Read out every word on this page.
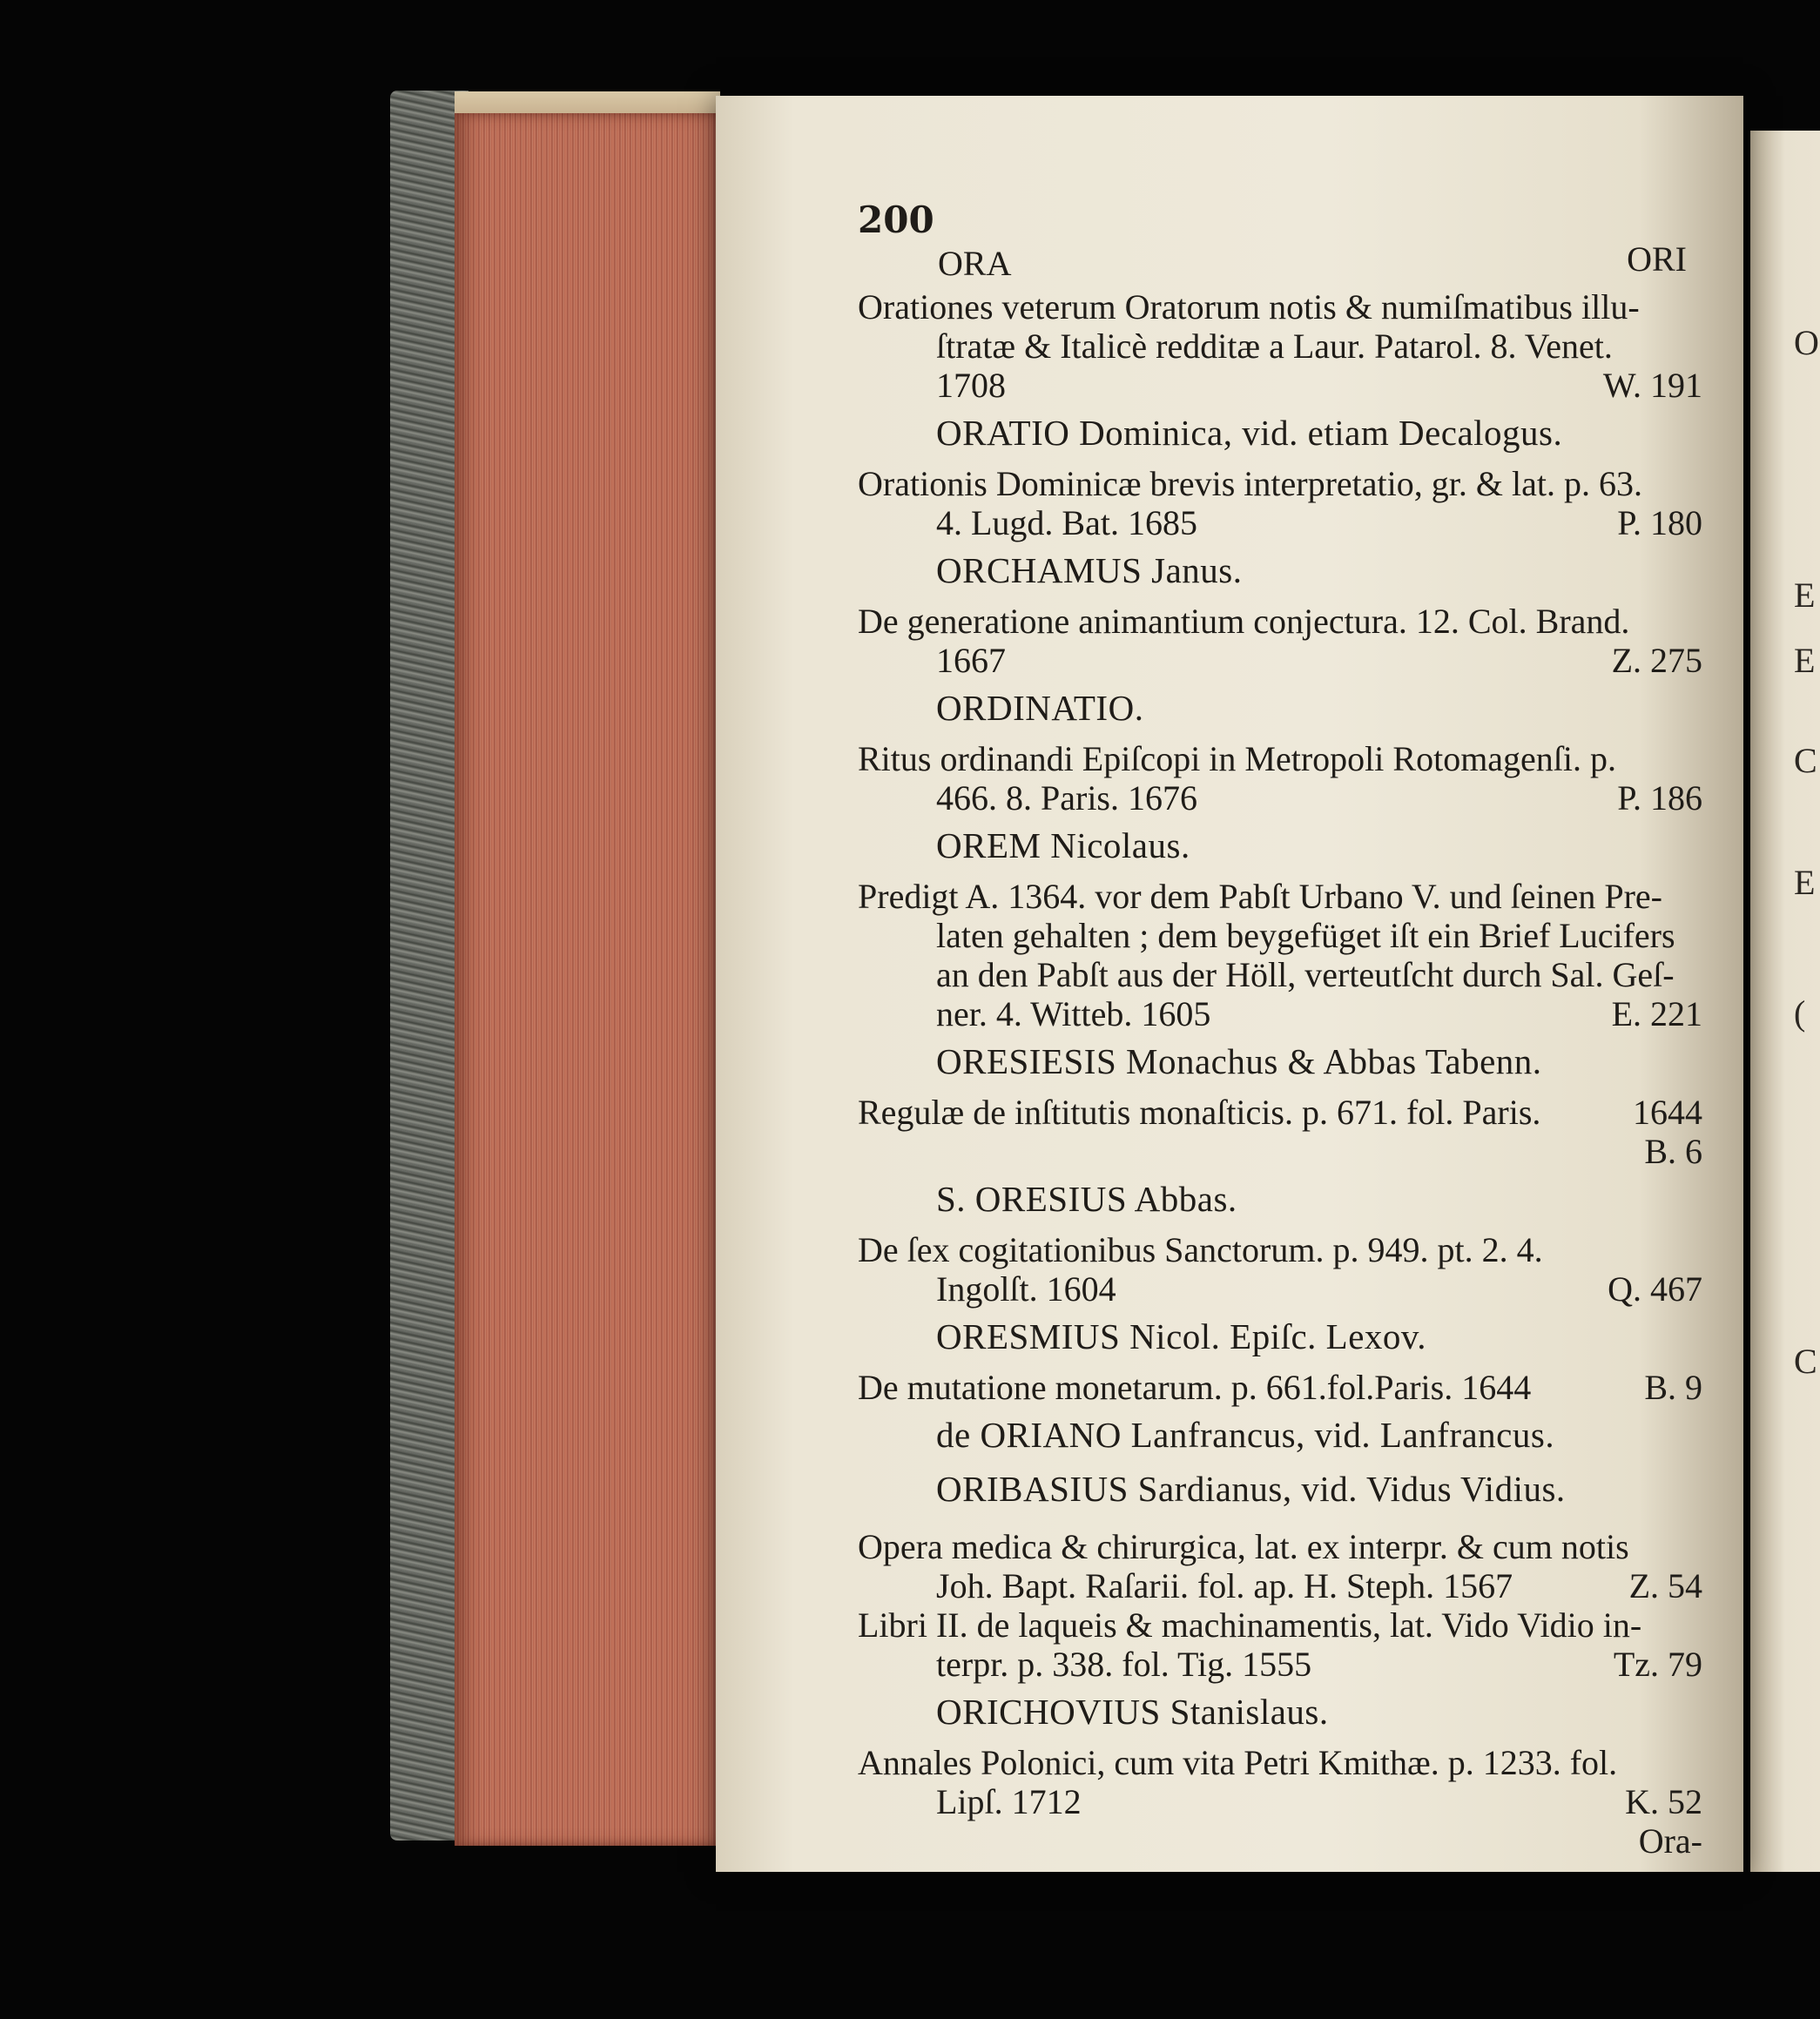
O
E
E
C
E
(
C
200
ORA	ORI
Orationes veterum Oratorum notis & numiſmatibus illu-
ſtratæ & Italicè redditæ a Laur. Patarol. 8. Venet.
1708	W. 191
ORATIO Dominica, vid. etiam Decalogus.
Orationis Dominicæ brevis interpretatio, gr. & lat. p. 63.
4. Lugd. Bat. 1685	P. 180
ORCHAMUS Janus.
De generatione animantium conjectura. 12. Col. Brand.
1667	Z. 275
ORDINATIO.
Ritus ordinandi Epiſcopi in Metropoli Rotomagenſi. p.
466. 8. Paris. 1676	P. 186
OREM Nicolaus.
Predigt A. 1364. vor dem Pabſt Urbano V. und ſeinen Pre-
laten gehalten ; dem beygefüget iſt ein Brief Lucifers
an den Pabſt aus der Höll, verteutſcht durch Sal. Geſ-
ner. 4. Witteb. 1605	E. 221
ORESIESIS Monachus & Abbas Tabenn.
Regulæ de inſtitutis monaſticis. p. 671. fol. Paris.	1644
B. 6
S. ORESIUS Abbas.
De ſex cogitationibus Sanctorum. p. 949. pt. 2. 4.
Ingolſt. 1604	Q. 467
ORESMIUS Nicol. Epiſc. Lexov.
De mutatione monetarum. p. 661.fol.Paris. 1644	B. 9
de ORIANO Lanfrancus, vid. Lanfrancus.
ORIBASIUS Sardianus, vid. Vidus Vidius.
Opera medica & chirurgica, lat. ex interpr. & cum notis
Joh. Bapt. Raſarii. fol. ap. H. Steph. 1567	Z. 54
Libri II. de laqueis & machinamentis, lat. Vido Vidio in-
terpr. p. 338. fol. Tig. 1555	Tz. 79
ORICHOVIUS Stanislaus.
Annales Polonici, cum vita Petri Kmithæ. p. 1233. fol.
Lipſ. 1712	K. 52
Ora-
